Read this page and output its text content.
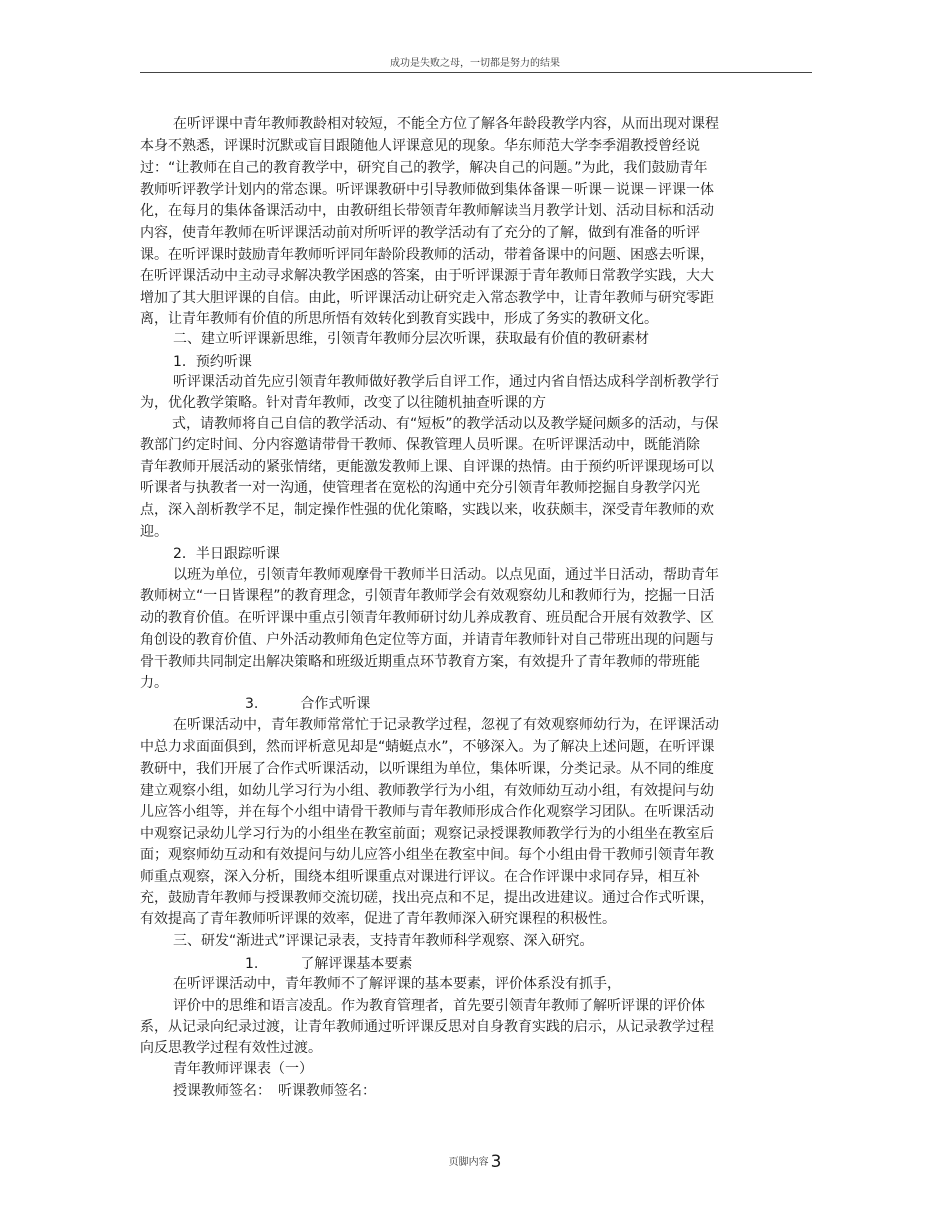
成功是失败之母，一切都是努力的结果
在听评课中青年教师教龄相对较短，不能全方位了解各年龄段教学内容，从而出现对课程
本身不熟悉，评课时沉默或盲目跟随他人评课意见的现象。华东师范大学李季湄教授曾经说
过：“让教师在自己的教育教学中，研究自己的教学，解决自己的问题。”为此，我们鼓励青年
教师听评教学计划内的常态课。听评课教研中引导教师做到集体备课－听课－说课－评课一体
化，在每月的集体备课活动中，由教研组长带领青年教师解读当月教学计划、活动目标和活动
内容，使青年教师在听评课活动前对所听评的教学活动有了充分的了解，做到有准备的听评
课。在听评课时鼓励青年教师听评同年龄阶段教师的活动，带着备课中的问题、困惑去听课，
在听评课活动中主动寻求解决教学困惑的答案，由于听评课源于青年教师日常教学实践，大大
增加了其大胆评课的自信。由此，听评课活动让研究走入常态教学中，让青年教师与研究零距
离，让青年教师有价值的所思所悟有效转化到教育实践中，形成了务实的教研文化。
二、建立听评课新思维，引领青年教师分层次听课，获取最有价值的教研素材
1．预约听课
听评课活动首先应引领青年教师做好教学后自评工作，通过内省自悟达成科学剖析教学行
为，优化教学策略。针对青年教师，改变了以往随机抽查听课的方
式，请教师将自己自信的教学活动、有“短板”的教学活动以及教学疑问颇多的活动，与保
教部门约定时间、分内容邀请带骨干教师、保教管理人员听课。在听评课活动中，既能消除
青年教师开展活动的紧张情绪，更能激发教师上课、自评课的热情。由于预约听评课现场可以
听课者与执教者一对一沟通，使管理者在宽松的沟通中充分引领青年教师挖掘自身教学闪光
点，深入剖析教学不足，制定操作性强的优化策略，实践以来，收获颇丰，深受青年教师的欢
迎。
2．半日跟踪听课
以班为单位，引领青年教师观摩骨干教师半日活动。以点见面，通过半日活动，帮助青年
教师树立“一日皆课程”的教育理念，引领青年教师学会有效观察幼儿和教师行为，挖掘一日活
动的教育价值。在听评课中重点引领青年教师研讨幼儿养成教育、班员配合开展有效教学、区
角创设的教育价值、户外活动教师角色定位等方面，并请青年教师针对自己带班出现的问题与
骨干教师共同制定出解决策略和班级近期重点环节教育方案，有效提升了青年教师的带班能
力。
3.　　　合作式听课
在听课活动中，青年教师常常忙于记录教学过程，忽视了有效观察师幼行为，在评课活动
中总力求面面俱到，然而评析意见却是“蜻蜓点水”，不够深入。为了解决上述问题，在听评课
教研中，我们开展了合作式听课活动，以听课组为单位，集体听课，分类记录。从不同的维度
建立观察小组，如幼儿学习行为小组、教师教学行为小组，有效师幼互动小组，有效提问与幼
儿应答小组等，并在每个小组中请骨干教师与青年教师形成合作化观察学习团队。在听课活动
中观察记录幼儿学习行为的小组坐在教室前面；观察记录授课教师教学行为的小组坐在教室后
面；观察师幼互动和有效提问与幼儿应答小组坐在教室中间。每个小组由骨干教师引领青年教
师重点观察，深入分析，围绕本组听课重点对课进行评议。在合作评课中求同存异，相互补
充，鼓励青年教师与授课教师交流切磋，找出亮点和不足，提出改进建议。通过合作式听课，
有效提高了青年教师听评课的效率，促进了青年教师深入研究课程的积极性。
三、研发“渐进式”评课记录表，支持青年教师科学观察、深入研究。
1.　　　了解评课基本要素
在听评课活动中，青年教师不了解评课的基本要素，评价体系没有抓手，
评价中的思维和语言凌乱。作为教育管理者，首先要引领青年教师了解听评课的评价体
系，从记录向纪录过渡，让青年教师通过听评课反思对自身教育实践的启示，从记录教学过程
向反思教学过程有效性过渡。
青年教师评课表（一）
授课教师签名：　听课教师签名：
页脚内容 3
